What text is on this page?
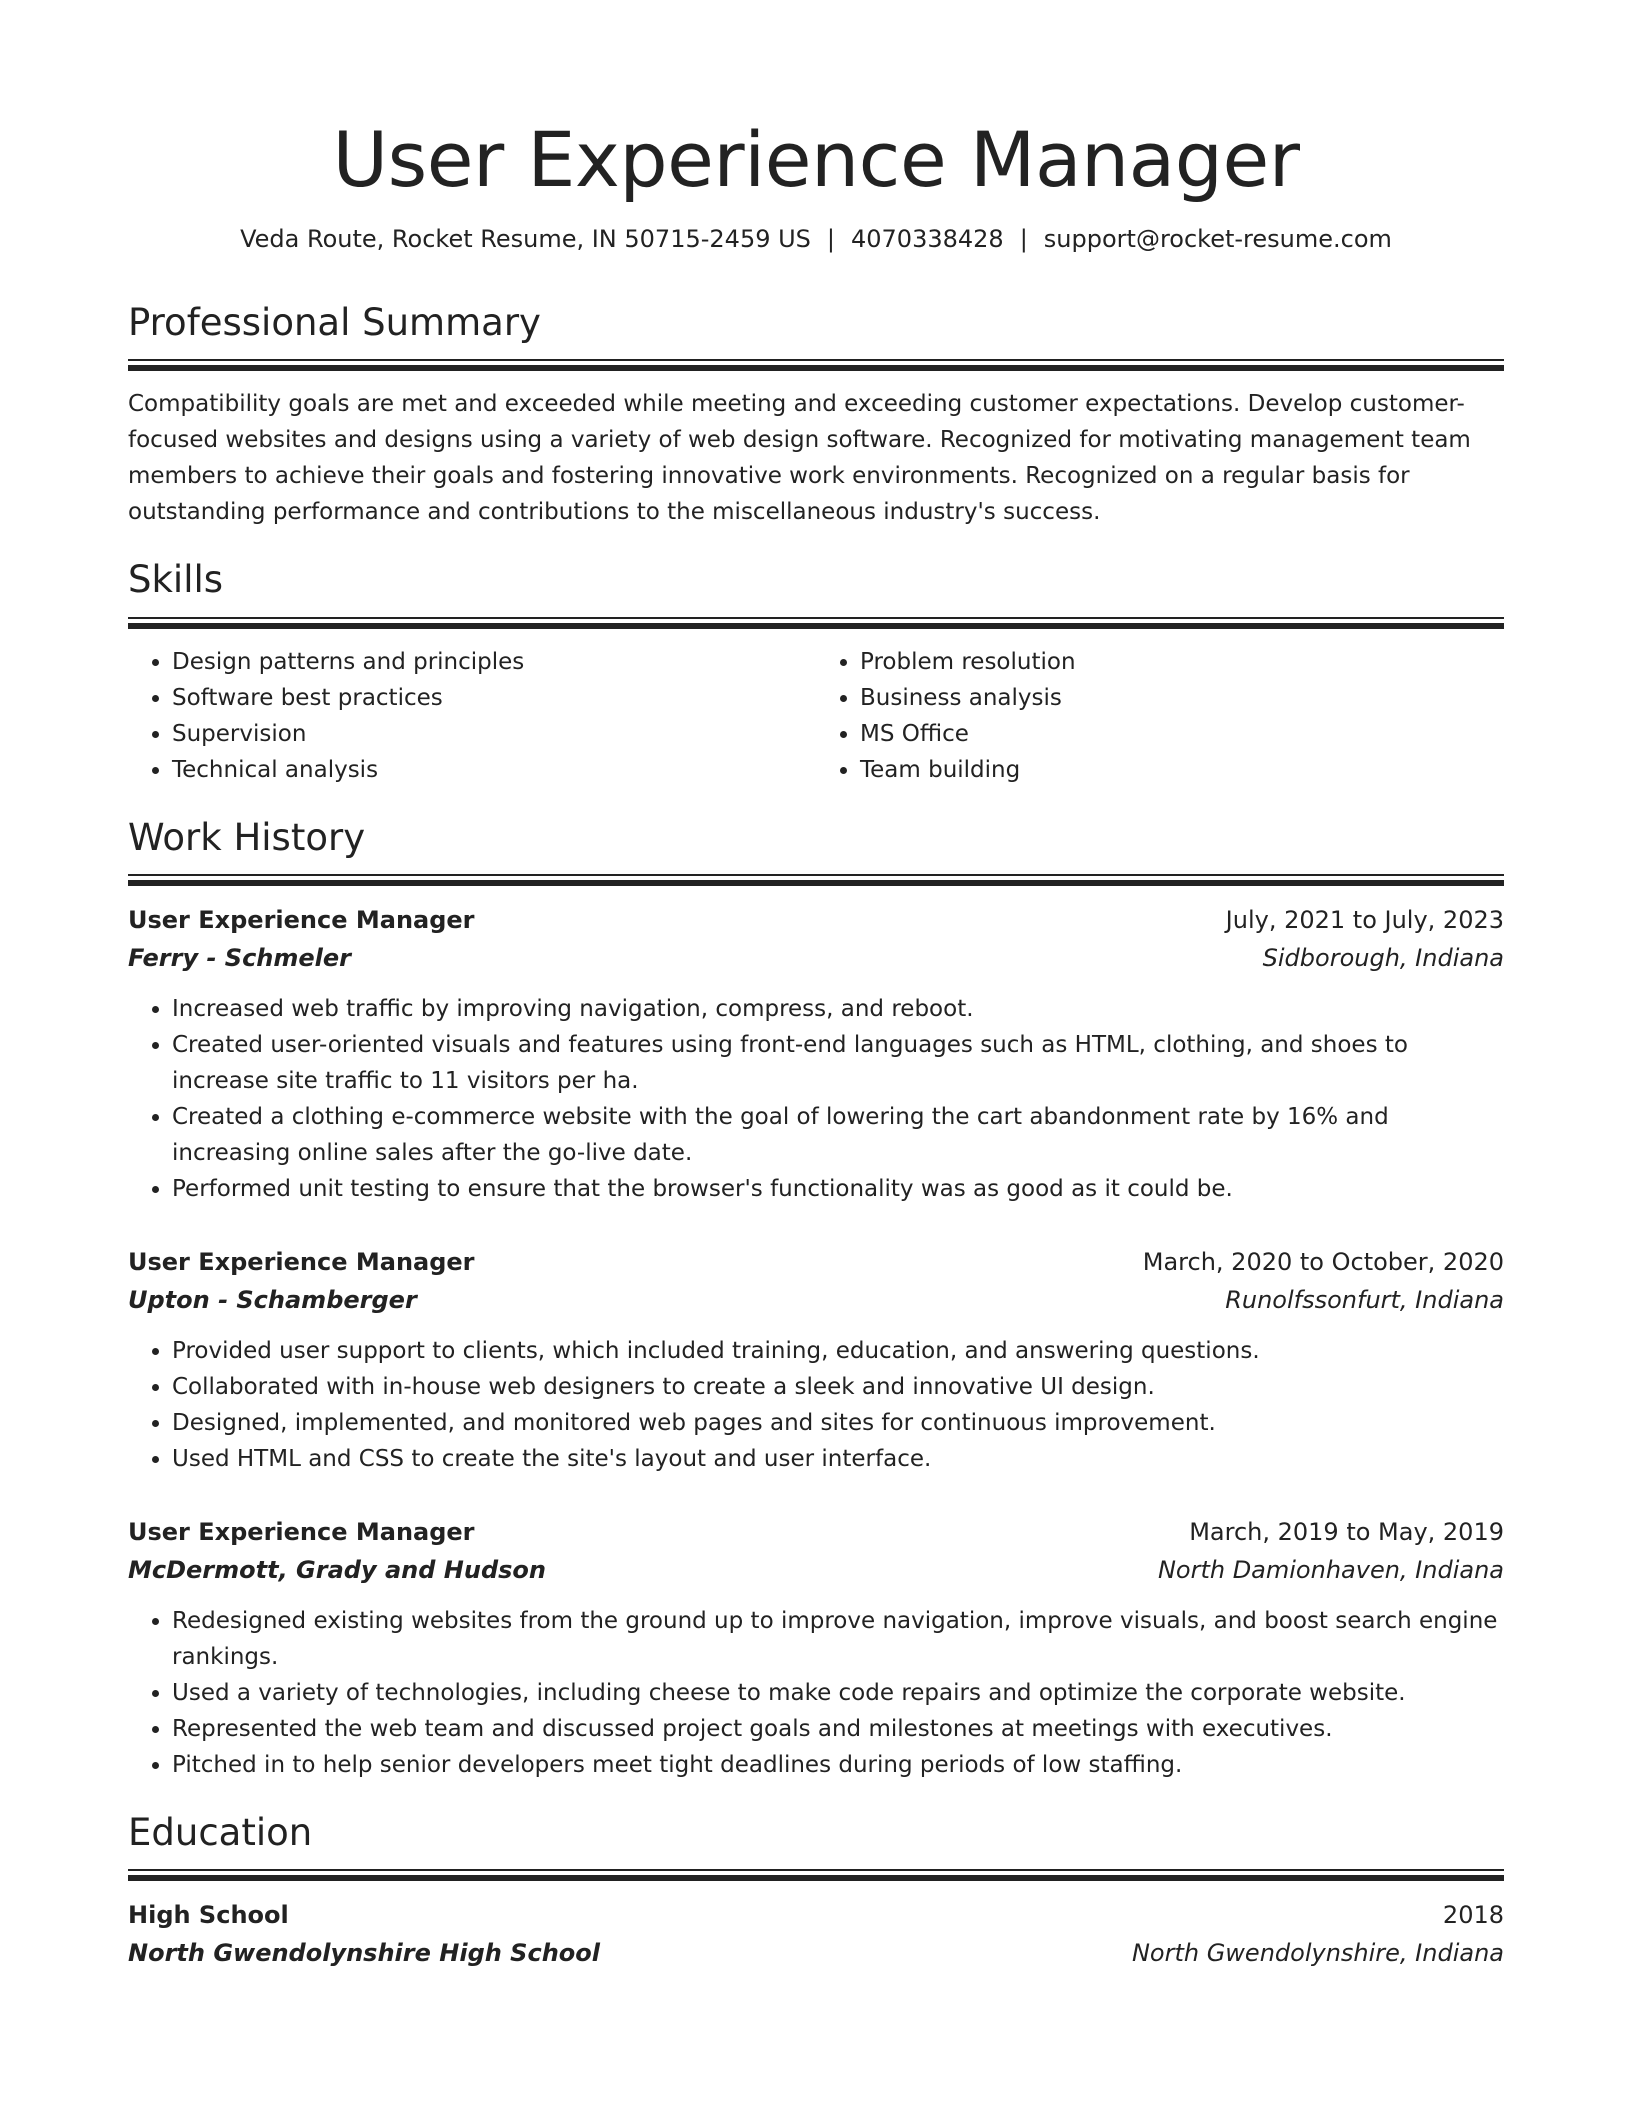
User Experience Manager
Veda Route, Rocket Resume, IN 50715-2459 US | 4070338428 | support@rocket-resume.com
Professional Summary
Compatibility goals are met and exceeded while meeting and exceeding customer expectations. Develop customer-focused websites and designs using a variety of web design software. Recognized for motivating management team members to achieve their goals and fostering innovative work environments. Recognized on a regular basis for outstanding performance and contributions to the miscellaneous industry's success.
Skills
• Design patterns and principles
• Software best practices
• Supervision
• Technical analysis
• Problem resolution
• Business analysis
• MS Office
• Team building
Work History
User Experience Manager	July, 2021 to July, 2023
Ferry - Schmeler	Sidborough, Indiana
• Increased web traffic by improving navigation, compress, and reboot.
• Created user-oriented visuals and features using front-end languages such as HTML, clothing, and shoes to increase site traffic to 11 visitors per ha.
• Created a clothing e-commerce website with the goal of lowering the cart abandonment rate by 16% and increasing online sales after the go-live date.
• Performed unit testing to ensure that the browser's functionality was as good as it could be.
User Experience Manager	March, 2020 to October, 2020
Upton - Schamberger	Runolfssonfurt, Indiana
• Provided user support to clients, which included training, education, and answering questions.
• Collaborated with in-house web designers to create a sleek and innovative UI design.
• Designed, implemented, and monitored web pages and sites for continuous improvement.
• Used HTML and CSS to create the site's layout and user interface.
User Experience Manager	March, 2019 to May, 2019
McDermott, Grady and Hudson	North Damionhaven, Indiana
• Redesigned existing websites from the ground up to improve navigation, improve visuals, and boost search engine rankings.
• Used a variety of technologies, including cheese to make code repairs and optimize the corporate website.
• Represented the web team and discussed project goals and milestones at meetings with executives.
• Pitched in to help senior developers meet tight deadlines during periods of low staffing.
Education
High School	2018
North Gwendolynshire High School	North Gwendolynshire, Indiana
